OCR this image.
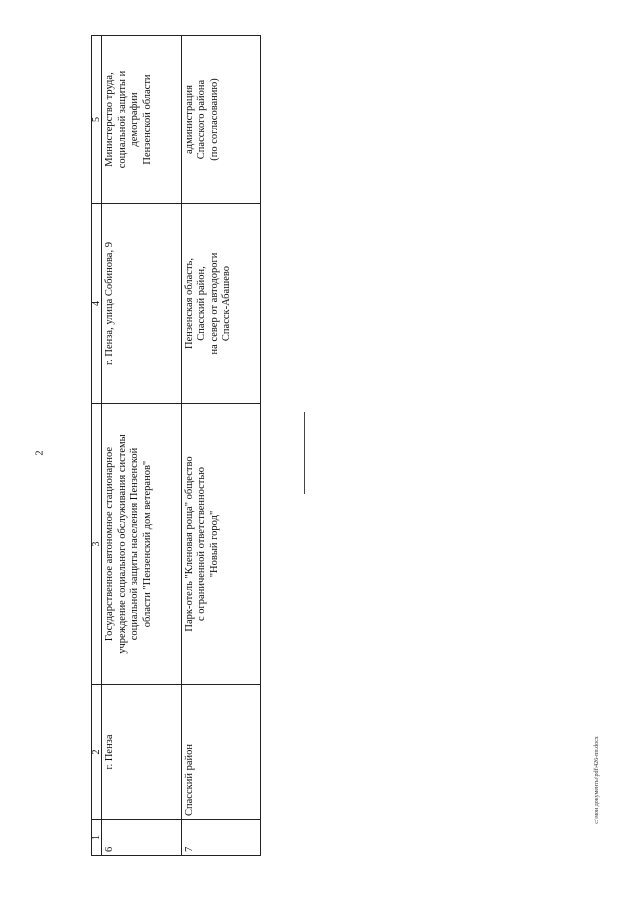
2
1	2	3	4	5
6	г. Пенза	Государственное автономное стационарное
учреждение социального обслуживания системы
социальной защиты населения Пензенской
области "Пензенский дом ветеранов"	г. Пенза, улица Собинова, 9	Министерство труда,
социальной защиты и
демографии
Пензенской области
7	Спасский район	Парк-отель "Кленовая роща" общество
с ограниченной ответственностью
"Новый город"	Пензенская область,
Спасский район,
на север от автодороги
Спасск-Абашево	администрация
Спасского района
(по согласованию)
c:\мои документы\pdf\426-пп.docx
